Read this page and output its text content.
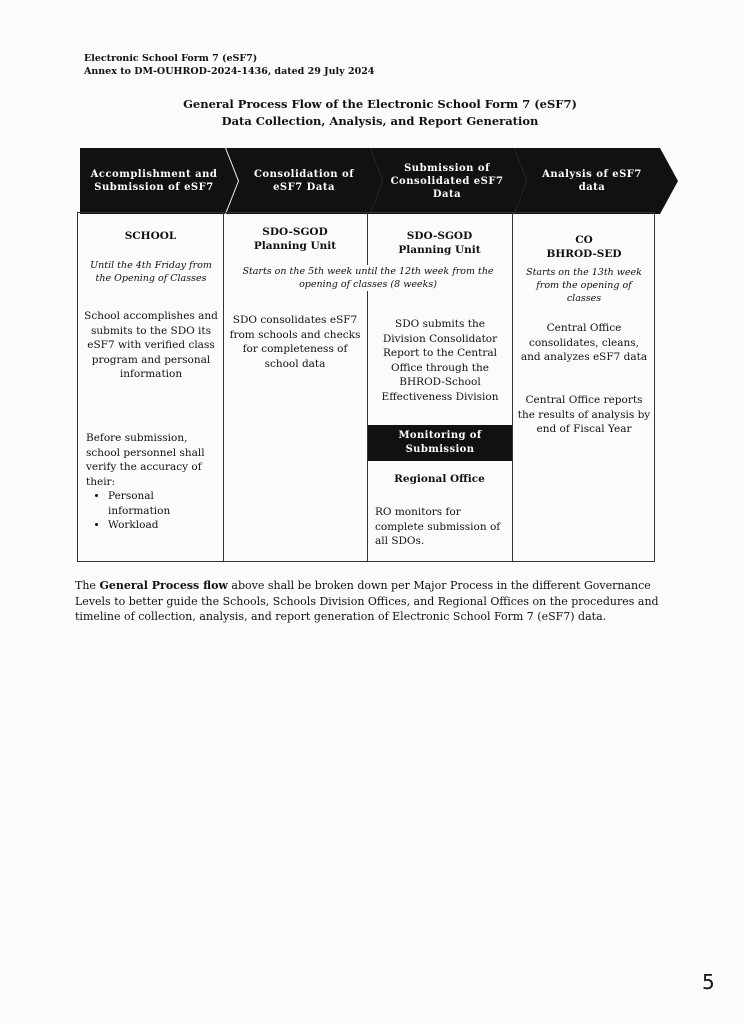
Electronic School Form 7 (eSF7)
Annex to DM-OUHROD-2024-1436, dated 29 July 2024
General Process Flow of the Electronic School Form 7 (eSF7)
Data Collection, Analysis, and Report Generation
Accomplishment and Submission of eSF7
Consolidation of eSF7 Data
Submission of Consolidated eSF7 Data
Analysis of eSF7 data
SCHOOL
Until the 4th Friday from the Opening of Classes
School accomplishes and submits to the SDO its eSF7 with verified class program and personal information
Before submission, school personnel shall verify the accuracy of their:
• Personal information
• Workload
SDO-SGOD
Planning Unit
SDO consolidates eSF7 from schools and checks for completeness of school data
Starts on the 5th week until the 12th week from the opening of classes (8 weeks)
SDO-SGOD
Planning Unit
SDO submits the Division Consolidator Report to the Central Office through the BHROD-School Effectiveness Division
Monitoring of Submission
Regional Office
RO monitors for complete submission of all SDOs.
CO
BHROD-SED
Starts on the 13th week from the opening of classes
Central Office consolidates, cleans, and analyzes eSF7 data
Central Office reports the results of analysis by end of Fiscal Year
The General Process flow above shall be broken down per Major Process in the different Governance Levels to better guide the Schools, Schools Division Offices, and Regional Offices on the procedures and timeline of collection, analysis, and report generation of Electronic School Form 7 (eSF7) data.
5
